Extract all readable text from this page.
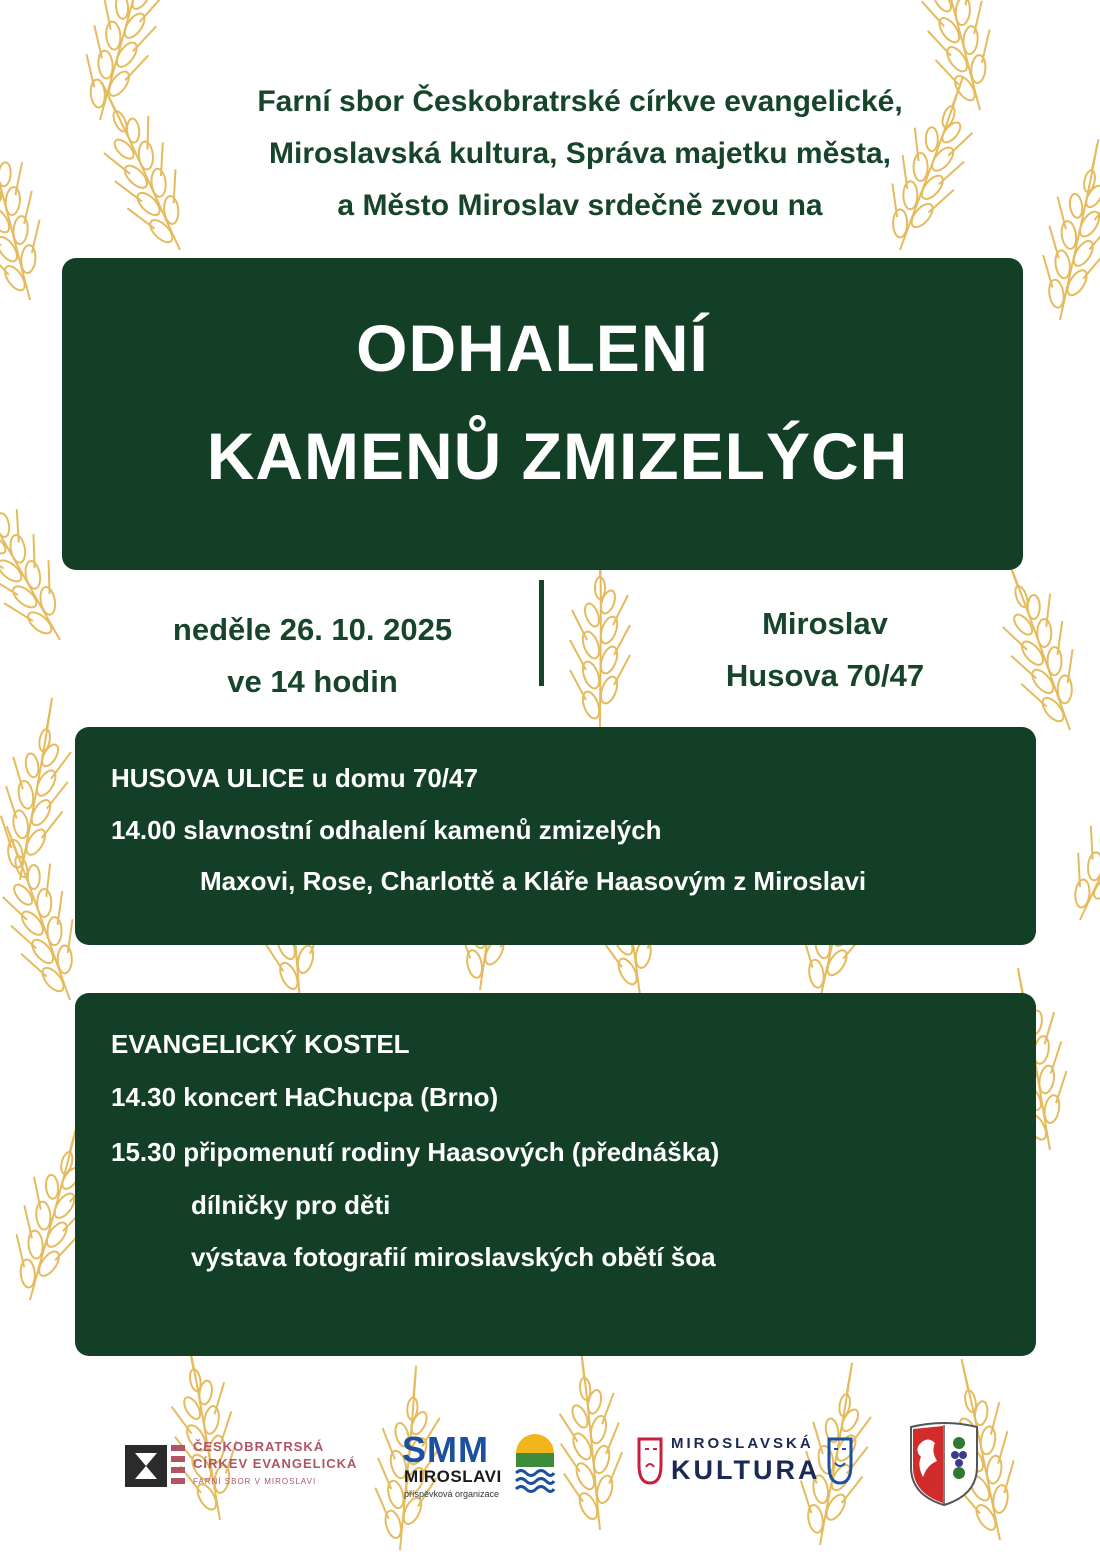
Farní sbor Českobratrské církve evangelické,
Miroslavská kultura, Správa majetku města,
a Město Miroslav srdečně zvou na
ODHALENÍ
KAMENŮ ZMIZELÝCH
neděle 26. 10. 2025
ve 14 hodin
Miroslav
Husova 70/47
HUSOVA ULICE u domu 70/47
14.00 slavnostní odhalení kamenů zmizelých
Maxovi, Rose, Charlottě a Kláře Haasovým z Miroslavi
EVANGELICKÝ KOSTEL
14.30 koncert HaChucpa (Brno)
15.30 připomenutí rodiny Haasových (přednáška)
dílničky pro děti
výstava fotografií miroslavských obětí šoa
ČESKOBRATRSKÁ
CÍRKEV EVANGELICKÁ
FARNÍ SBOR V MIROSLAVI
SMM
MIROSLAVI
příspěvková organizace
MIROSLAVSKÁ
KULTURA
